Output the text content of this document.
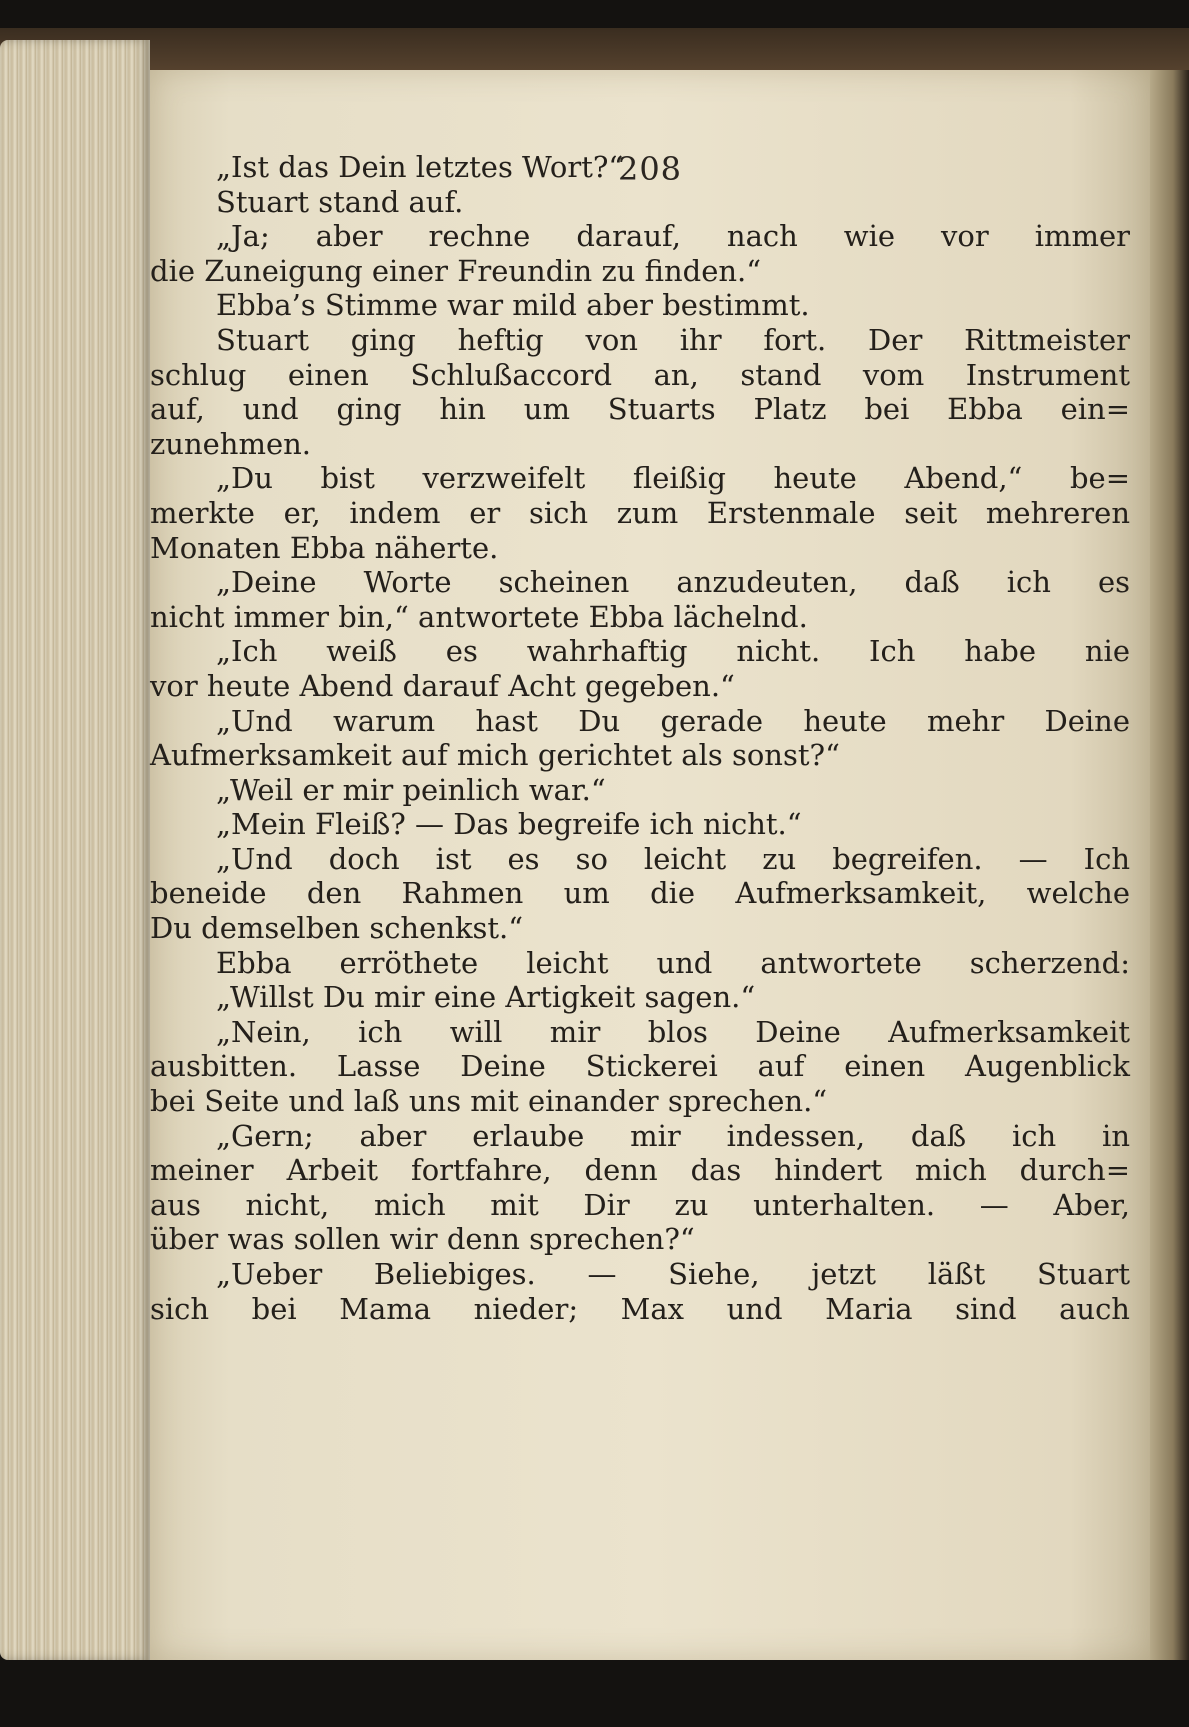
208
„Ist das Dein letztes Wort?“
Stuart stand auf.
„Ja; aber rechne darauf, nach wie vor immer
die Zuneigung einer Freundin zu finden.“
Ebba’s Stimme war mild aber bestimmt.
Stuart ging heftig von ihr fort. Der Rittmeister
schlug einen Schlußaccord an, stand vom Instrument
auf, und ging hin um Stuarts Platz bei Ebba ein=
zunehmen.
„Du bist verzweifelt fleißig heute Abend,“ be=
merkte er, indem er sich zum Erstenmale seit mehreren
Monaten Ebba näherte.
„Deine Worte scheinen anzudeuten, daß ich es
nicht immer bin,“ antwortete Ebba lächelnd.
„Ich weiß es wahrhaftig nicht. Ich habe nie
vor heute Abend darauf Acht gegeben.“
„Und warum hast Du gerade heute mehr Deine
Aufmerksamkeit auf mich gerichtet als sonst?“
„Weil er mir peinlich war.“
„Mein Fleiß? — Das begreife ich nicht.“
„Und doch ist es so leicht zu begreifen. — Ich
beneide den Rahmen um die Aufmerksamkeit, welche
Du demselben schenkst.“
Ebba erröthete leicht und antwortete scherzend:
„Willst Du mir eine Artigkeit sagen.“
„Nein, ich will mir blos Deine Aufmerksamkeit
ausbitten. Lasse Deine Stickerei auf einen Augenblick
bei Seite und laß uns mit einander sprechen.“
„Gern; aber erlaube mir indessen, daß ich in
meiner Arbeit fortfahre, denn das hindert mich durch=
aus nicht, mich mit Dir zu unterhalten. — Aber,
über was sollen wir denn sprechen?“
„Ueber Beliebiges. — Siehe, jetzt läßt Stuart
sich bei Mama nieder; Max und Maria sind auch
